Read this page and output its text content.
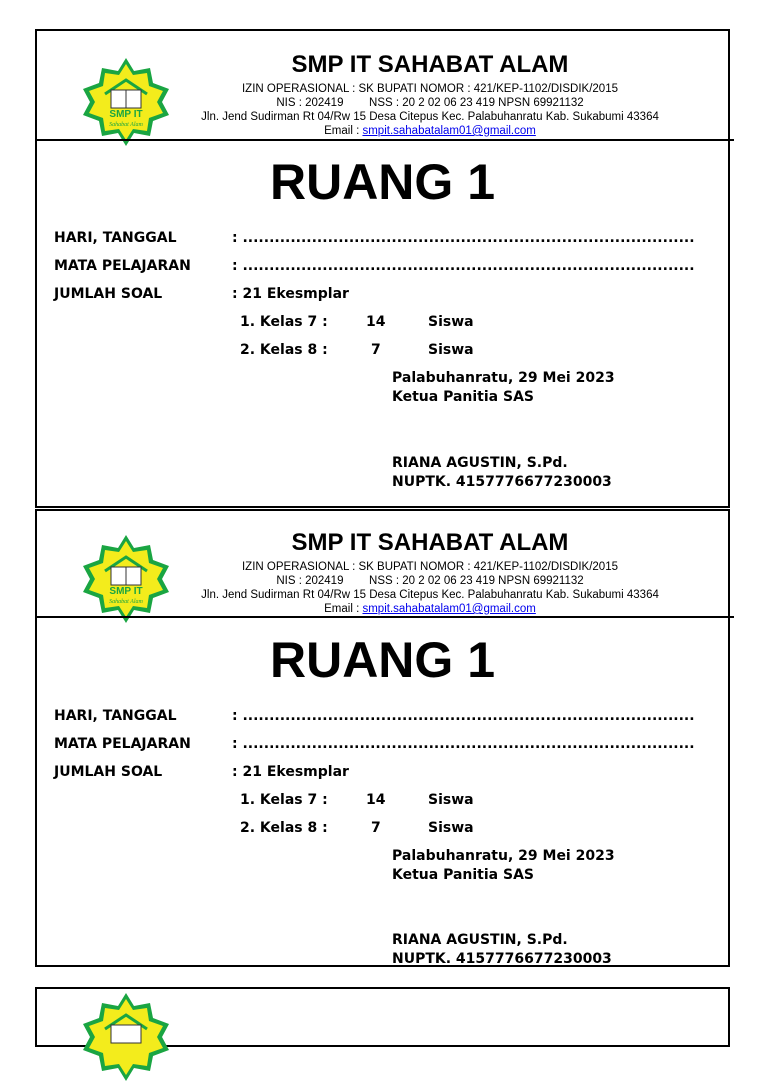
SMP IT
Sahabat Alam
SMP IT SAHABAT ALAM
IZIN OPERASIONAL : SK BUPATI NOMOR : 421/KEP-1102/DISDIK/2015
NIS : 202419        NSS : 20 2 02 06 23 419 NPSN 69921132
Jln. Jend Sudirman Rt 04/Rw 15 Desa Citepus Kec. Palabuhanratu Kab. Sukabumi 43364
Email : smpit.sahabatalam01@gmail.com
RUANG 1
HARI, TANGGAL	: .....................................................................................
MATA PELAJARAN	: .....................................................................................
JUMLAH SOAL	: 21 Ekesmplar
1. Kelas 7 :	14	Siswa
2. Kelas 8 :	7	Siswa
Palabuhanratu, 29 Mei 2023
Ketua Panitia SAS
RIANA AGUSTIN, S.Pd.
NUPTK. 4157776677230003
SMP IT
Sahabat Alam
SMP IT SAHABAT ALAM
IZIN OPERASIONAL : SK BUPATI NOMOR : 421/KEP-1102/DISDIK/2015
NIS : 202419        NSS : 20 2 02 06 23 419 NPSN 69921132
Jln. Jend Sudirman Rt 04/Rw 15 Desa Citepus Kec. Palabuhanratu Kab. Sukabumi 43364
Email : smpit.sahabatalam01@gmail.com
RUANG 1
HARI, TANGGAL	: .....................................................................................
MATA PELAJARAN	: .....................................................................................
JUMLAH SOAL	: 21 Ekesmplar
1. Kelas 7 :	14	Siswa
2. Kelas 8 :	7	Siswa
Palabuhanratu, 29 Mei 2023
Ketua Panitia SAS
RIANA AGUSTIN, S.Pd.
NUPTK. 4157776677230003
